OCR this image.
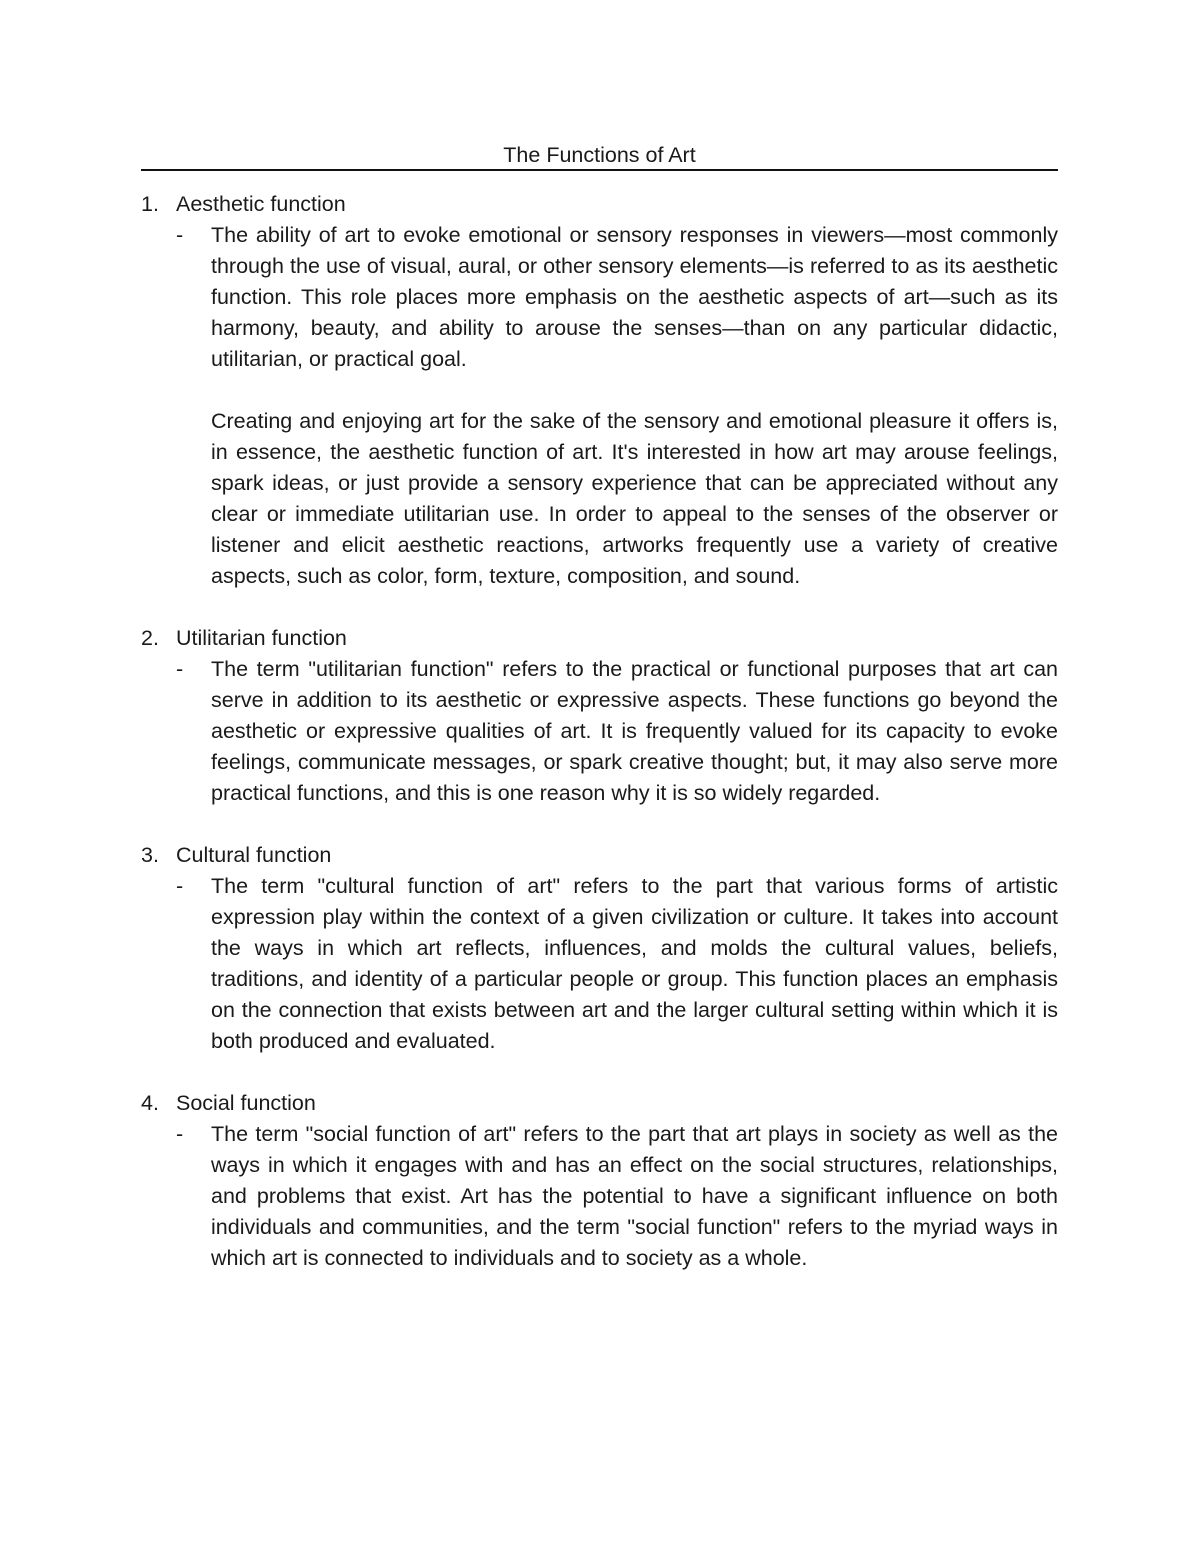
The Functions of Art
1. Aesthetic function
-	The ability of art to evoke emotional or sensory responses in viewers—most commonly through the use of visual, aural, or other sensory elements—is referred to as its aesthetic function. This role places more emphasis on the aesthetic aspects of art—such as its harmony, beauty, and ability to arouse the senses—than on any particular didactic, utilitarian, or practical goal.

Creating and enjoying art for the sake of the sensory and emotional pleasure it offers is, in essence, the aesthetic function of art. It's interested in how art may arouse feelings, spark ideas, or just provide a sensory experience that can be appreciated without any clear or immediate utilitarian use. In order to appeal to the senses of the observer or listener and elicit aesthetic reactions, artworks frequently use a variety of creative aspects, such as color, form, texture, composition, and sound.

2. Utilitarian function
-	The term "utilitarian function" refers to the practical or functional purposes that art can serve in addition to its aesthetic or expressive aspects. These functions go beyond the aesthetic or expressive qualities of art. It is frequently valued for its capacity to evoke feelings, communicate messages, or spark creative thought; but, it may also serve more practical functions, and this is one reason why it is so widely regarded.

3. Cultural function
-	The term "cultural function of art" refers to the part that various forms of artistic expression play within the context of a given civilization or culture. It takes into account the ways in which art reflects, influences, and molds the cultural values, beliefs, traditions, and identity of a particular people or group. This function places an emphasis on the connection that exists between art and the larger cultural setting within which it is both produced and evaluated.

4. Social function
-	The term "social function of art" refers to the part that art plays in society as well as the ways in which it engages with and has an effect on the social structures, relationships, and problems that exist. Art has the potential to have a significant influence on both individuals and communities, and the term "social function" refers to the myriad ways in which art is connected to individuals and to society as a whole.
